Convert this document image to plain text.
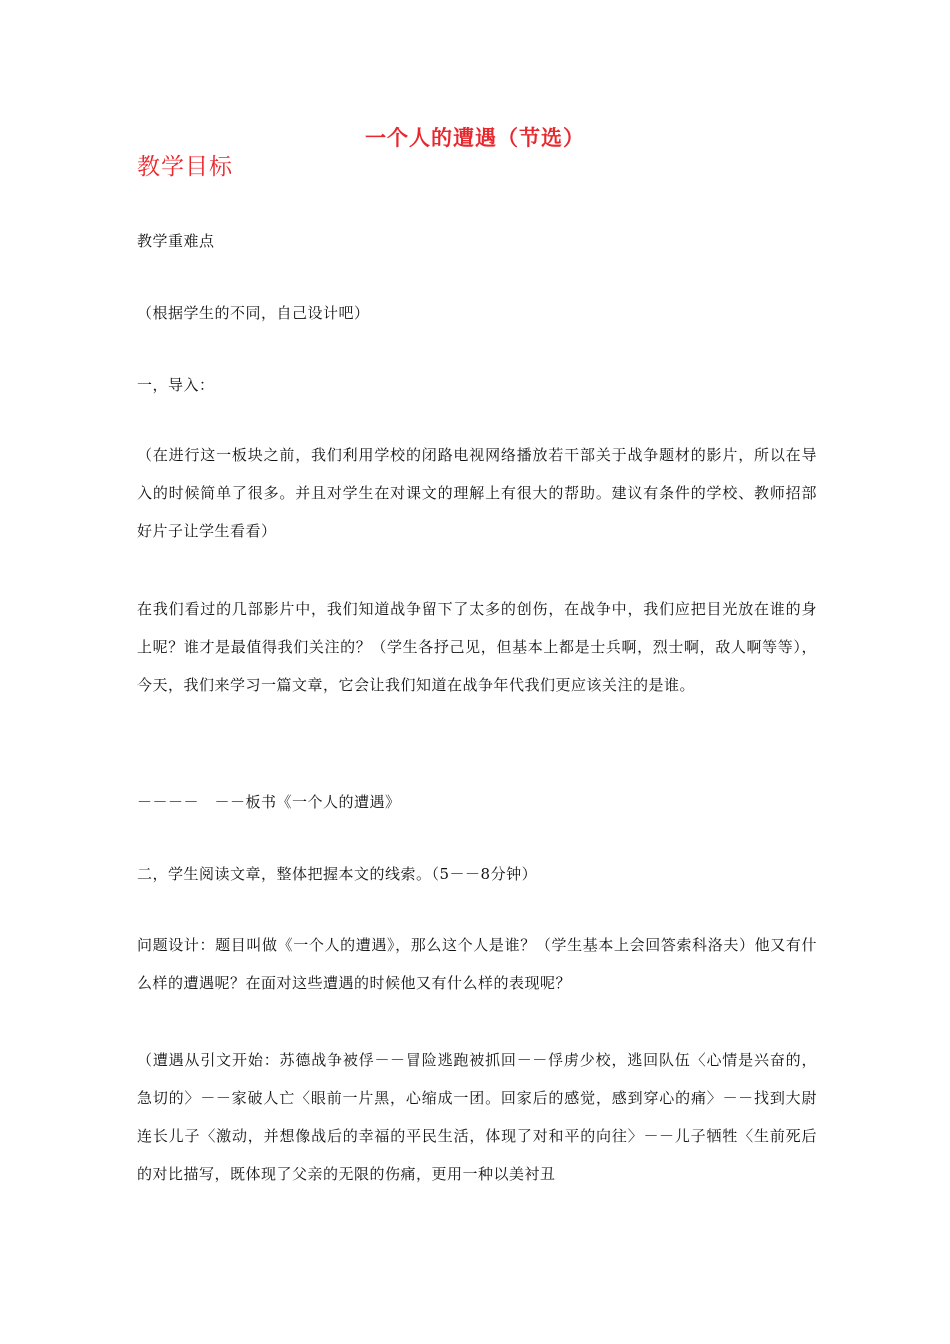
一个人的遭遇（节选）
教学目标
教学重难点
（根据学生的不同，自己设计吧）
一，导入：
（在进行这一板块之前，我们利用学校的闭路电视网络播放若干部关于战争题材的影片，所以在导入的时候简单了很多。并且对学生在对课文的理解上有很大的帮助。建议有条件的学校、教师招部好片子让学生看看）
在我们看过的几部影片中，我们知道战争留下了太多的创伤，在战争中，我们应把目光放在谁的身上呢？谁才是最值得我们关注的？（学生各抒己见，但基本上都是士兵啊，烈士啊，敌人啊等等），今天，我们来学习一篇文章，它会让我们知道在战争年代我们更应该关注的是谁。
－－－－　－－板书《一个人的遭遇》
二，学生阅读文章，整体把握本文的线索。（5－－8分钟）
问题设计：题目叫做《一个人的遭遇》，那么这个人是谁？（学生基本上会回答索科洛夫）他又有什么样的遭遇呢？在面对这些遭遇的时候他又有什么样的表现呢？
（遭遇从引文开始：苏德战争被俘－－冒险逃跑被抓回－－俘虏少校，逃回队伍〈心情是兴奋的，急切的〉－－家破人亡〈眼前一片黑，心缩成一团。回家后的感觉，感到穿心的痛〉－－找到大尉连长儿子〈激动，并想像战后的幸福的平民生活，体现了对和平的向往〉－－儿子牺牲〈生前死后的对比描写，既体现了父亲的无限的伤痛，更用一种以美衬丑
